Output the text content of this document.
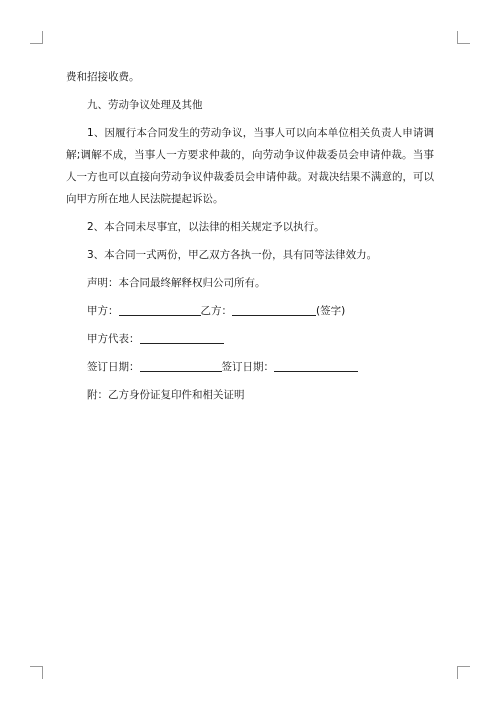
费和招接收费。

九、劳动争议处理及其他

1、因履行本合同发生的劳动争议，当事人可以向本单位相关负责人申请调解;调解不成，当事人一方要求仲裁的，向劳动争议仲裁委员会申请仲裁。当事人一方也可以直接向劳动争议仲裁委员会申请仲裁。对裁决结果不满意的，可以向甲方所在地人民法院提起诉讼。

2、本合同未尽事宜，以法律的相关规定予以执行。

3、本合同一式两份，甲乙双方各执一份，具有同等法律效力。

声明：本合同最终解释权归公司所有。

甲方：	乙方：	(签字)

甲方代表：

签订日期：	签订日期：

附：乙方身份证复印件和相关证明
